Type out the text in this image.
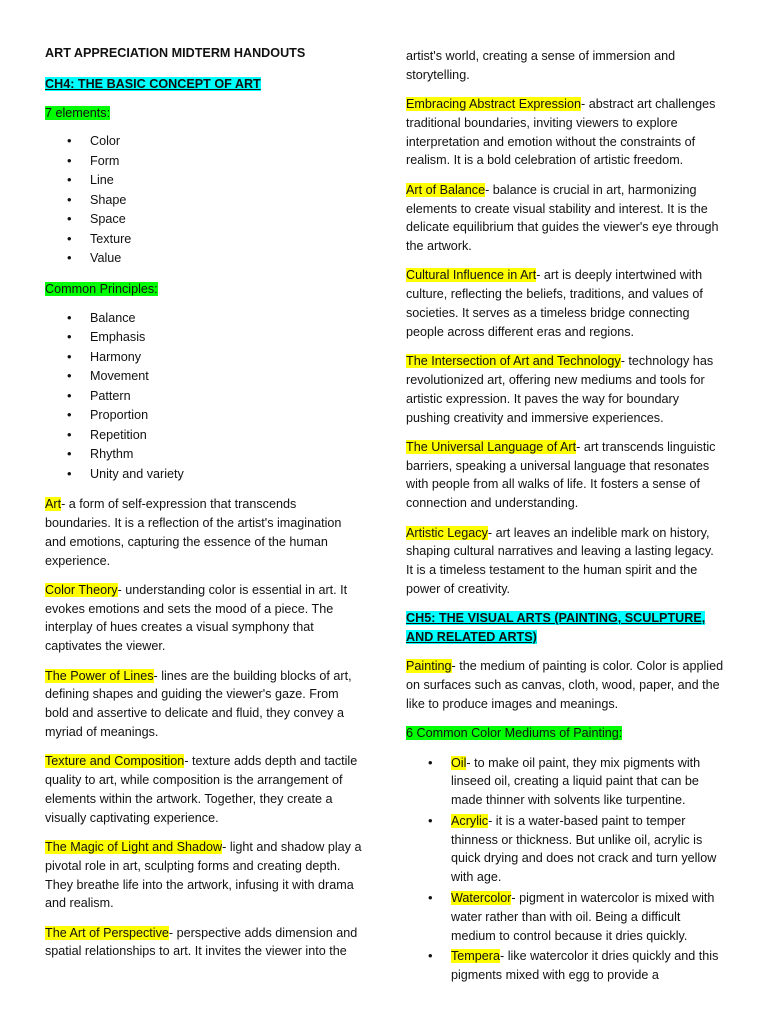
ART APPRECIATION MIDTERM HANDOUTS
CH4: THE BASIC CONCEPT OF ART
7 elements:
• Color
• Form
• Line
• Shape
• Space
• Texture
• Value
Common Principles:
• Balance
• Emphasis
• Harmony
• Movement
• Pattern
• Proportion
• Repetition
• Rhythm
• Unity and variety

Art- a form of self-expression that transcends boundaries. It is a reflection of the artist's imagination and emotions, capturing the essence of the human experience.

Color Theory- understanding color is essential in art. It evokes emotions and sets the mood of a piece. The interplay of hues creates a visual symphony that captivates the viewer.

The Power of Lines- lines are the building blocks of art, defining shapes and guiding the viewer's gaze. From bold and assertive to delicate and fluid, they convey a myriad of meanings.

Texture and Composition- texture adds depth and tactile quality to art, while composition is the arrangement of elements within the artwork. Together, they create a visually captivating experience.

The Magic of Light and Shadow- light and shadow play a pivotal role in art, sculpting forms and creating depth. They breathe life into the artwork, infusing it with drama and realism.

The Art of Perspective- perspective adds dimension and spatial relationships to art. It invites the viewer into the

artist's world, creating a sense of immersion and storytelling.

Embracing Abstract Expression- abstract art challenges traditional boundaries, inviting viewers to explore interpretation and emotion without the constraints of realism. It is a bold celebration of artistic freedom.

Art of Balance- balance is crucial in art, harmonizing elements to create visual stability and interest. It is the delicate equilibrium that guides the viewer's eye through the artwork.

Cultural Influence in Art- art is deeply intertwined with culture, reflecting the beliefs, traditions, and values of societies. It serves as a timeless bridge connecting people across different eras and regions.

The Intersection of Art and Technology- technology has revolutionized art, offering new mediums and tools for artistic expression. It paves the way for boundary pushing creativity and immersive experiences.

The Universal Language of Art- art transcends linguistic barriers, speaking a universal language that resonates with people from all walks of life. It fosters a sense of connection and understanding.

Artistic Legacy- art leaves an indelible mark on history, shaping cultural narratives and leaving a lasting legacy. It is a timeless testament to the human spirit and the power of creativity.

CH5: THE VISUAL ARTS (PAINTING, SCULPTURE, AND RELATED ARTS)

Painting- the medium of painting is color. Color is applied on surfaces such as canvas, cloth, wood, paper, and the like to produce images and meanings.

6 Common Color Mediums of Painting:

• Oil- to make oil paint, they mix pigments with linseed oil, creating a liquid paint that can be made thinner with solvents like turpentine.
• Acrylic- it is a water-based paint to temper thinness or thickness. But unlike oil, acrylic is quick drying and does not crack and turn yellow with age.
• Watercolor- pigment in watercolor is mixed with water rather than with oil. Being a difficult medium to control because it dries quickly.
• Tempera- like watercolor it dries quickly and this pigments mixed with egg to provide a
